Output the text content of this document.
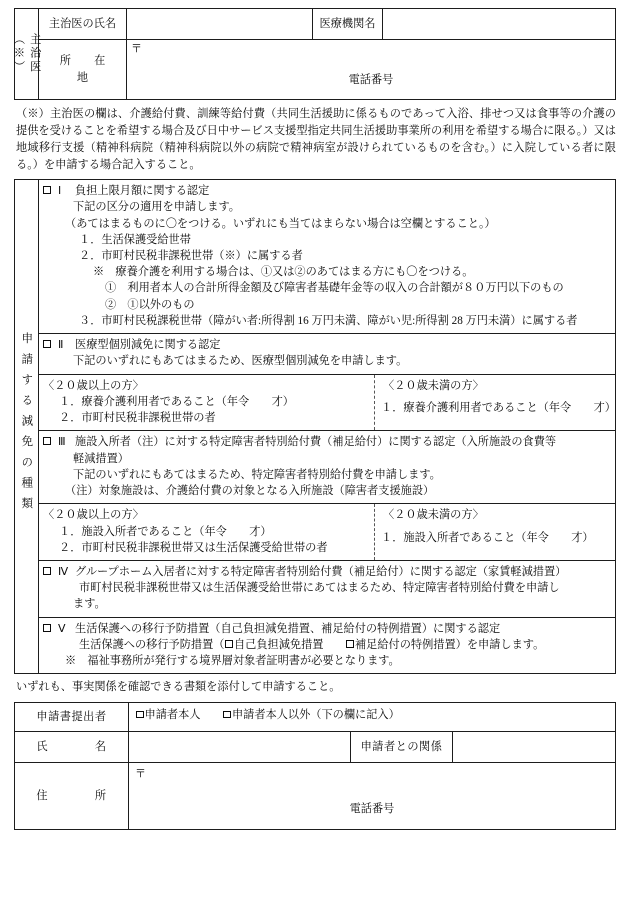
主治医
（※）	主治医の氏名		医療機関名	

	所　在　地	〒
電話番号		

（※）主治医の欄は、介護給付費、訓練等給付費（共同生活援助に係るものであって入浴、排せつ又は食事等の介護の提供を受けることを希望する場合及び日中サービス支援型指定共同生活援助事業所の利用を希望する場合に限る。）又は地域移行支援（精神科病院（精神科病院以外の病院で精神病室が設けられているものを含む。）に入院している者に限る。）を申請する場合記入すること。

申請する減免の種類	
Ⅰ 負担上限月額に関する認定
下記の区分の適用を申請します。
（あてはまるものに〇をつける。いずれにも当てはまらない場合は空欄とすること。）
１．生活保護受給世帯
２．市町村民税非課税世帯（※）に属する者
※　療養介護を利用する場合は、①又は②のあてはまる方にも〇をつける。
①　利用者本人の合計所得金額及び障害者基礎年金等の収入の合計額が８０万円以下のもの
②　①以外のもの
３．市町村民税課税世帯（障がい者:所得割 16 万円未満、障がい児:所得割 28 万円未満）に属する者

Ⅱ 医療型個別減免に関する認定
下記のいずれにもあてはまるため、医療型個別減免を申請します。

〈２０歳以上の方〉
１．療養介護利用者であること（年令　　才）
２．市町村民税非課税世帯の者
〈２０歳未満の方〉
１．療養介護利用者であること（年令　　才）

Ⅲ 施設入所者（注）に対する特定障害者特別給付費（補足給付）に関する認定（入所施設の食費等
軽減措置）
下記のいずれにもあてはまるため、特定障害者特別給付費を申請します。
（注）対象施設は、介護給付費の対象となる入所施設（障害者支援施設）

〈２０歳以上の方〉
１．施設入所者であること（年令　　才）
２．市町村民税非課税世帯又は生活保護受給世帯の者
〈２０歳未満の方〉
１．施設入所者であること（年令　　才）

Ⅳ グループホーム入居者に対する特定障害者特別給付費（補足給付）に関する認定（家賃軽減措置）
市町村民税非課税世帯又は生活保護受給世帯にあてはまるため、特定障害者特別給付費を申請し
ます。

Ⅴ 生活保護への移行予防措置（自己負担減免措置、補足給付の特例措置）に関する認定
生活保護への移行予防措置（ 自己負担減免措置	補足給付の特例措置）を申請します。
※　福祉事務所が発行する境界層対象者証明書が必要となります。

いずれも、事実関係を確認できる書類を添付して申請すること。

申請書提出者	申請者本人 申請者本人以外（下の欄に記入）		
氏　　　　名		申請者との関係	
住　　　　所	〒
電話番号		
